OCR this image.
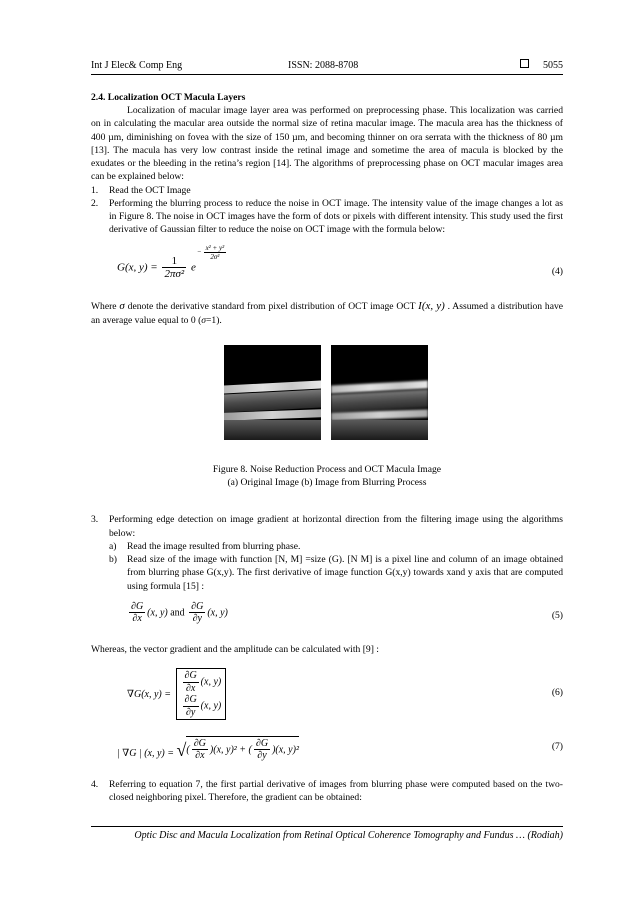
Int J Elec& Comp Eng	ISSN: 2088-8708	5055

2.4. Localization OCT Macula Layers

Localization of macular image layer area was performed on preprocessing phase. This localization was carried on in calculating the macular area outside the normal size of retina macular image. The macula area has the thickness of 400 µm, diminishing on fovea with the size of 150 µm, and becoming thinner on ora serrata with the thickness of 80 µm [13]. The macula has very low contrast inside the retinal image and sometime the area of macula is blocked by the exudates or the bleeding in the retina’s region [14]. The algorithms of preprocessing phase on OCT macular images area can be explained below:

1. Read the OCT Image
2. Performing the blurring process to reduce the noise in OCT image. The intensity value of the image changes a lot as in Figure 8. The noise in OCT images have the form of dots or pixels with different intensity. This study used the first derivative of Gaussian filter to reduce the noise on OCT image with the formula below:
G(x, $y) = \frac{1}{\text{2πσ²}} e^{- \frac{\text{x² + y²}}{\text{2σ²}}}$
(4)

Where σ denote the derivative standard from pixel distribution of OCT image OCT I(x, y) . Assumed a distribution have an average value equal to 0 (σ=1).

Figure 8. Noise Reduction Process and OCT Macula Image

(a) Original Image (b) Image from Blurring Process

3. Performing edge detection on image gradient at horizontal direction from the filtering image using the algorithms below:
a) Read the image resulted from blurring phase.
b) Read size of the image with function [N, M] =size (G). [N M] is a pixel line and column of an image obtained from blurring phase G(x,y). The first derivative of image function G(x,y) towards xand y axis that are computed using formula [15] :
$\frac{\partial G}{\partial x} (x$, y) and $\frac{\partial G}{\partial y} (x$, y)	(5)

Whereas, the vector gradient and the amplitude can be calculated with [9] :

∇G(x, y) =
$\frac{\partial G}{\partial x} (x$, y)
$\frac{\partial G}{\partial y} (x$, y)
(6)
| ∇G | (x, y) = √( $\frac{\partial G}{\partial x} )(x$, y)² + ( $\frac{\partial G}{\partial y} )(x$, y)²	(7)
4. Referring to equation 7, the first partial derivative of images from blurring phase were computed based on the two-closed neighboring pixel. Therefore, the gradient can be obtained:
Optic Disc and Macula Localization from Retinal Optical Coherence Tomography and Fundus … (Rodiah)
